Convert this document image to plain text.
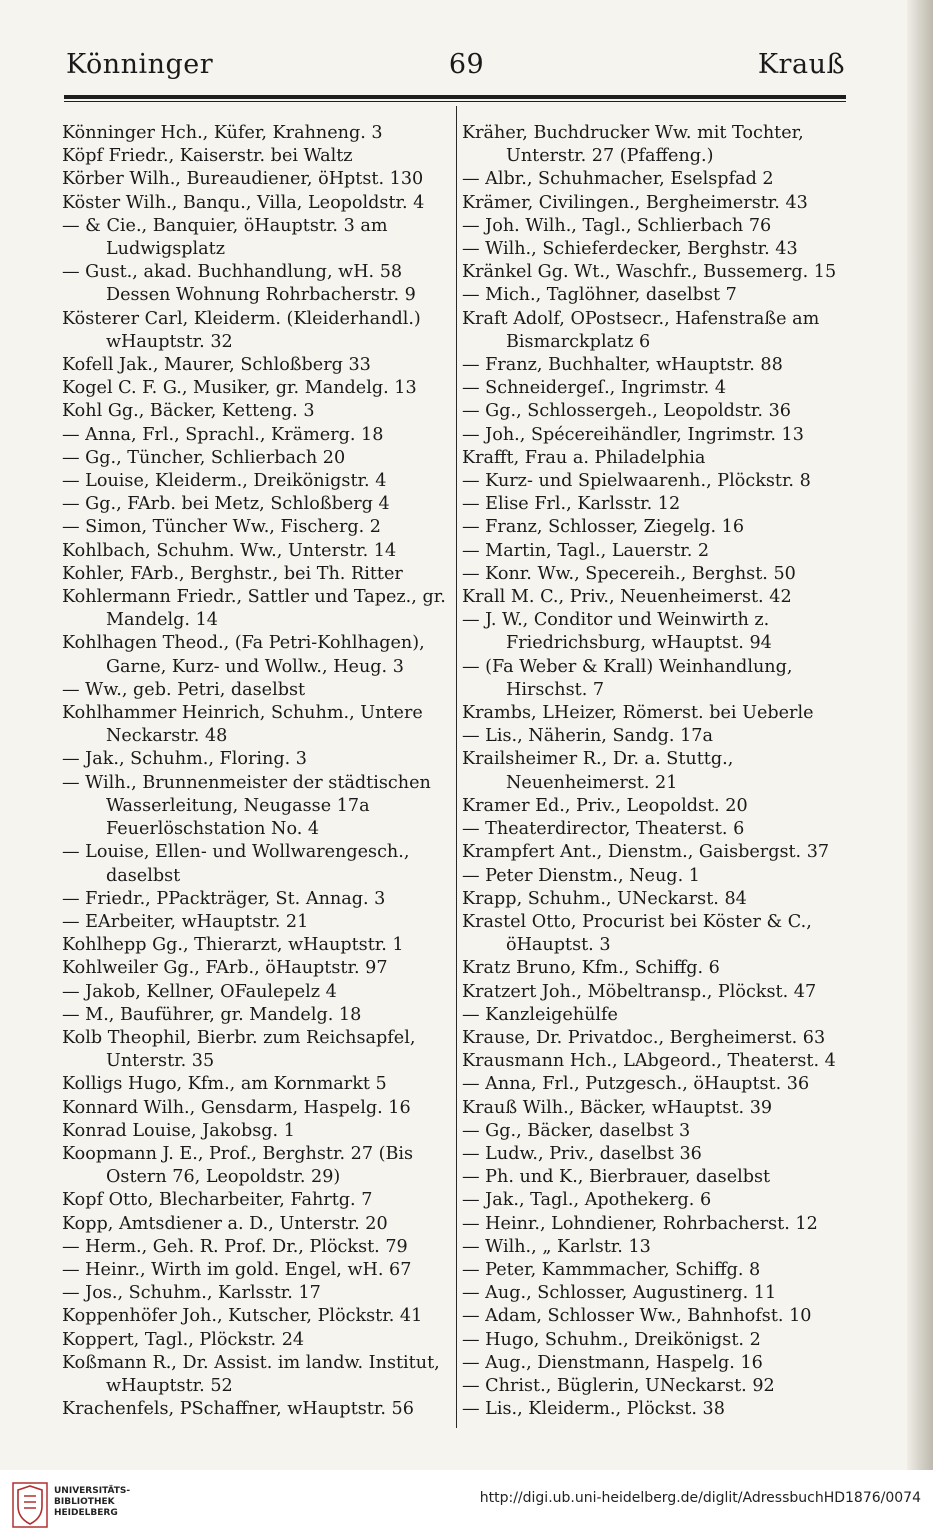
Könninger	69	Krauß
Könninger Hch., Küfer, Krahneng. 3
Köpf Friedr., Kaiserstr. bei Waltz
Körber Wilh., Bureaudiener, öHptst. 130
Köster Wilh., Banqu., Villa, Leopoldstr. 4
— & Cie., Banquier, öHauptstr. 3 am Ludwigsplatz
— Gust., akad. Buchhandlung, wH. 58 Dessen Wohnung Rohrbacherstr. 9
Kösterer Carl, Kleiderm. (Kleiderhandl.) wHauptstr. 32
Kofell Jak., Maurer, Schloßberg 33
Kogel C. F. G., Musiker, gr. Mandelg. 13
Kohl Gg., Bäcker, Ketteng. 3
— Anna, Frl., Sprachl., Krämerg. 18
— Gg., Tüncher, Schlierbach 20
— Louise, Kleiderm., Dreikönigstr. 4
— Gg., FArb. bei Metz, Schloßberg 4
— Simon, Tüncher Ww., Fischerg. 2
Kohlbach, Schuhm. Ww., Unterstr. 14
Kohler, FArb., Berghstr., bei Th. Ritter
Kohlermann Friedr., Sattler und Tapez., gr. Mandelg. 14
Kohlhagen Theod., (Fa Petri-Kohlhagen), Garne, Kurz- und Wollw., Heug. 3
— Ww., geb. Petri, daselbst
Kohlhammer Heinrich, Schuhm., Untere Neckarstr. 48
— Jak., Schuhm., Floring. 3
— Wilh., Brunnenmeister der städtischen Wasserleitung, Neugasse 17a Feuerlöschstation No. 4
— Louise, Ellen- und Wollwarengesch., daselbst
— Friedr., PPackträger, St. Annag. 3
— EArbeiter, wHauptstr. 21
Kohlhepp Gg., Thierarzt, wHauptstr. 1
Kohlweiler Gg., FArb., öHauptstr. 97
— Jakob, Kellner, OFaulepelz 4
— M., Bauführer, gr. Mandelg. 18
Kolb Theophil, Bierbr. zum Reichsapfel, Unterstr. 35
Kolligs Hugo, Kfm., am Kornmarkt 5
Konnard Wilh., Gensdarm, Haspelg. 16
Konrad Louise, Jakobsg. 1
Koopmann J. E., Prof., Berghstr. 27 (Bis Ostern 76, Leopoldstr. 29)
Kopf Otto, Blecharbeiter, Fahrtg. 7
Kopp, Amtsdiener a. D., Unterstr. 20
— Herm., Geh. R. Prof. Dr., Plöckst. 79
— Heinr., Wirth im gold. Engel, wH. 67
— Jos., Schuhm., Karlsstr. 17
Koppenhöfer Joh., Kutscher, Plöckstr. 41
Koppert, Tagl., Plöckstr. 24
Koßmann R., Dr. Assist. im landw. Institut, wHauptstr. 52
Krachenfels, PSchaffner, wHauptstr. 56
Kräher, Buchdrucker Ww. mit Tochter, Unterstr. 27 (Pfaffeng.)
— Albr., Schuhmacher, Eselspfad 2
Krämer, Civilingen., Bergheimerstr. 43
— Joh. Wilh., Tagl., Schlierbach 76
— Wilh., Schieferdecker, Berghstr. 43
Kränkel Gg. Wt., Waschfr., Bussemerg. 15
— Mich., Taglöhner, daselbst 7
Kraft Adolf, OPostsecr., Hafenstraße am Bismarckplatz 6
— Franz, Buchhalter, wHauptstr. 88
— Schneidergeſ., Ingrimstr. 4
— Gg., Schlossergeh., Leopoldstr. 36
— Joh., Spécereihändler, Ingrimstr. 13
Krafft, Frau a. Philadelphia
— Kurz- und Spielwaarenh., Plöckstr. 8
— Elise Frl., Karlsstr. 12
— Franz, Schlosser, Ziegelg. 16
— Martin, Tagl., Lauerstr. 2
— Konr. Ww., Specereih., Berghst. 50
Krall M. C., Priv., Neuenheimerst. 42
— J. W., Conditor und Weinwirth z. Friedrichsburg, wHauptst. 94
— (Fa Weber & Krall) Weinhandlung, Hirschst. 7
Krambs, LHeizer, Römerst. bei Ueberle
— Lis., Näherin, Sandg. 17a
Krailsheimer R., Dr. a. Stuttg., Neuenheimerst. 21
Kramer Ed., Priv., Leopoldst. 20
— Theaterdirector, Theaterst. 6
Krampfert Ant., Dienstm., Gaisbergst. 37
— Peter Dienstm., Neug. 1
Krapp, Schuhm., UNeckarst. 84
Krastel Otto, Procurist bei Köster & C., öHauptst. 3
Kratz Bruno, Kfm., Schiffg. 6
Kratzert Joh., Möbeltransp., Plöckst. 47
— Kanzleigehülfe
Krause, Dr. Privatdoc., Bergheimerst. 63
Krausmann Hch., LAbgeord., Theaterst. 4
— Anna, Frl., Putzgesch., öHauptst. 36
Krauß Wilh., Bäcker, wHauptst. 39
— Gg., Bäcker, daselbst 3
— Ludw., Priv., daselbst 36
— Ph. und K., Bierbrauer, daselbst
— Jak., Tagl., Apothekerg. 6
— Heinr., Lohndiener, Rohrbacherst. 12
— Wilh., „ Karlstr. 13
— Peter, Kammmacher, Schiffg. 8
— Aug., Schlosser, Augustinerg. 11
— Adam, Schlosser Ww., Bahnhofst. 10
— Hugo, Schuhm., Dreikönigst. 2
— Aug., Dienstmann, Haspelg. 16
— Christ., Büglerin, UNeckarst. 92
— Lis., Kleiderm., Plöckst. 38
UNIVERSITÄTS-
BIBLIOTHEK
HEIDELBERG
http://digi.ub.uni-heidelberg.de/diglit/AdressbuchHD1876/0074
